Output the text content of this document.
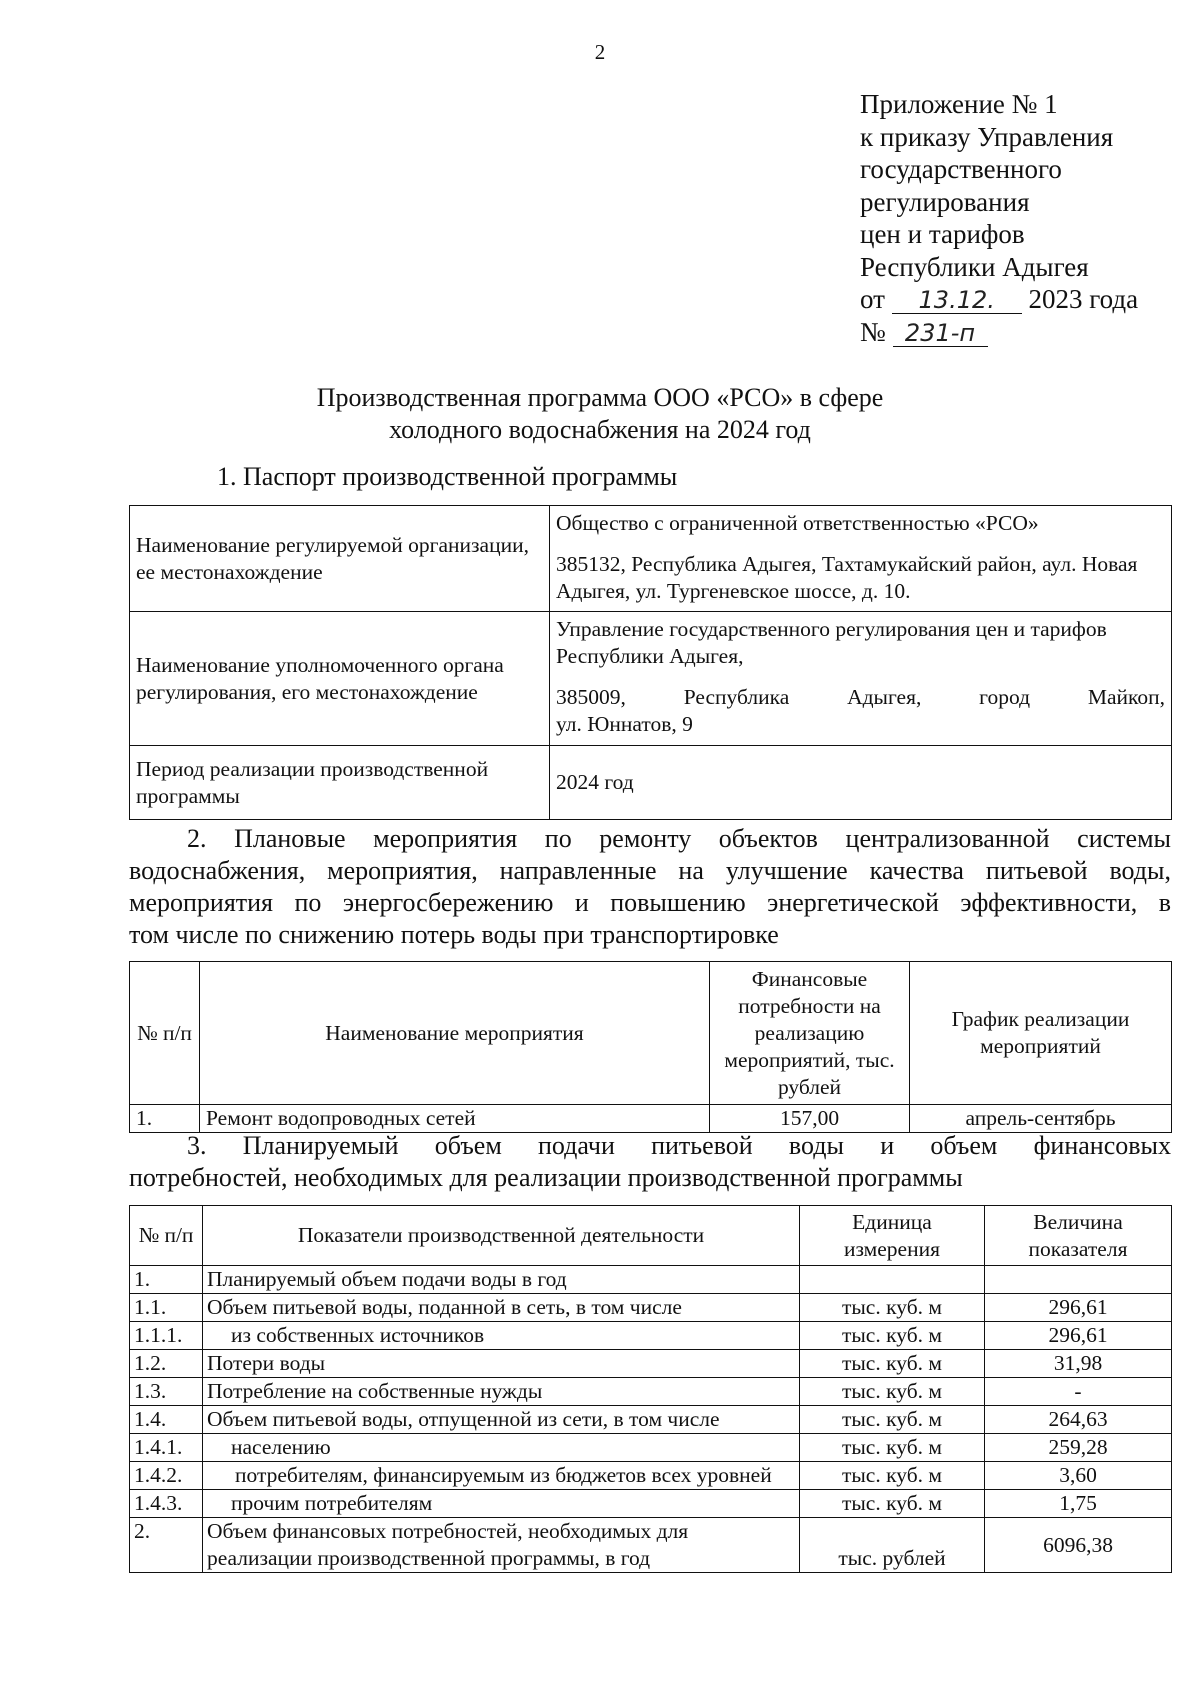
2
Приложение № 1
к приказу Управления
государственного
регулирования
цен и тарифов
Республики Адыгея
от 13.12. 2023 года
№ 231-п
Производственная программа ООО «РСО» в сфере
холодного водоснабжения на 2024 год
1. Паспорт производственной программы
Наименование регулируемой организации, ее местонахождение	Общество с ограниченной ответственностью «РСО»

385132, Республика Адыгея, Тахтамукайский район, аул. Новая Адыгея, ул. Тургеневское шоссе, д. 10.

Наименование уполномоченного органа регулирования, его местонахождение	Управление государственного регулирования цен и тарифов Республики Адыгея,

385009, Республика Адыгея, город Майкоп,

ул. Юннатов, 9

Период реализации производственной программы	2024 год
2. Плановые мероприятия по ремонту объектов централизованной системы
водоснабжения, мероприятия, направленные на улучшение качества питьевой воды,
мероприятия по энергосбережению и повышению энергетической эффективности, в
том числе по снижению потерь воды при транспортировке
№ п/п	Наименование мероприятия	Финансовые потребности на реализацию мероприятий, тыс. рублей	График реализации мероприятий
1.	Ремонт водопроводных сетей	157,00	апрель-сентябрь
3. Планируемый объем подачи питьевой воды и объем финансовых
потребностей, необходимых для реализации производственной программы
№ п/п	Показатели производственной деятельности	Единица измерения	Величина показателя
1.	Планируемый объем подачи воды в год		
1.1.	Объем питьевой воды, поданной в сеть, в том числе	тыс. куб. м	296,61
1.1.1.	из собственных источников	тыс. куб. м	296,61
1.2.	Потери воды	тыс. куб. м	31,98
1.3.	Потребление на собственные нужды	тыс. куб. м	-
1.4.	Объем питьевой воды, отпущенной из сети, в том числе	тыс. куб. м	264,63
1.4.1.	населению	тыс. куб. м	259,28
1.4.2.	потребителям, финансируемым из бюджетов всех уровней	тыс. куб. м	3,60
1.4.3.	прочим потребителям	тыс. куб. м	1,75
2.	Объем финансовых потребностей, необходимых для реализации производственной программы, в год	тыс. рублей	6096,38
